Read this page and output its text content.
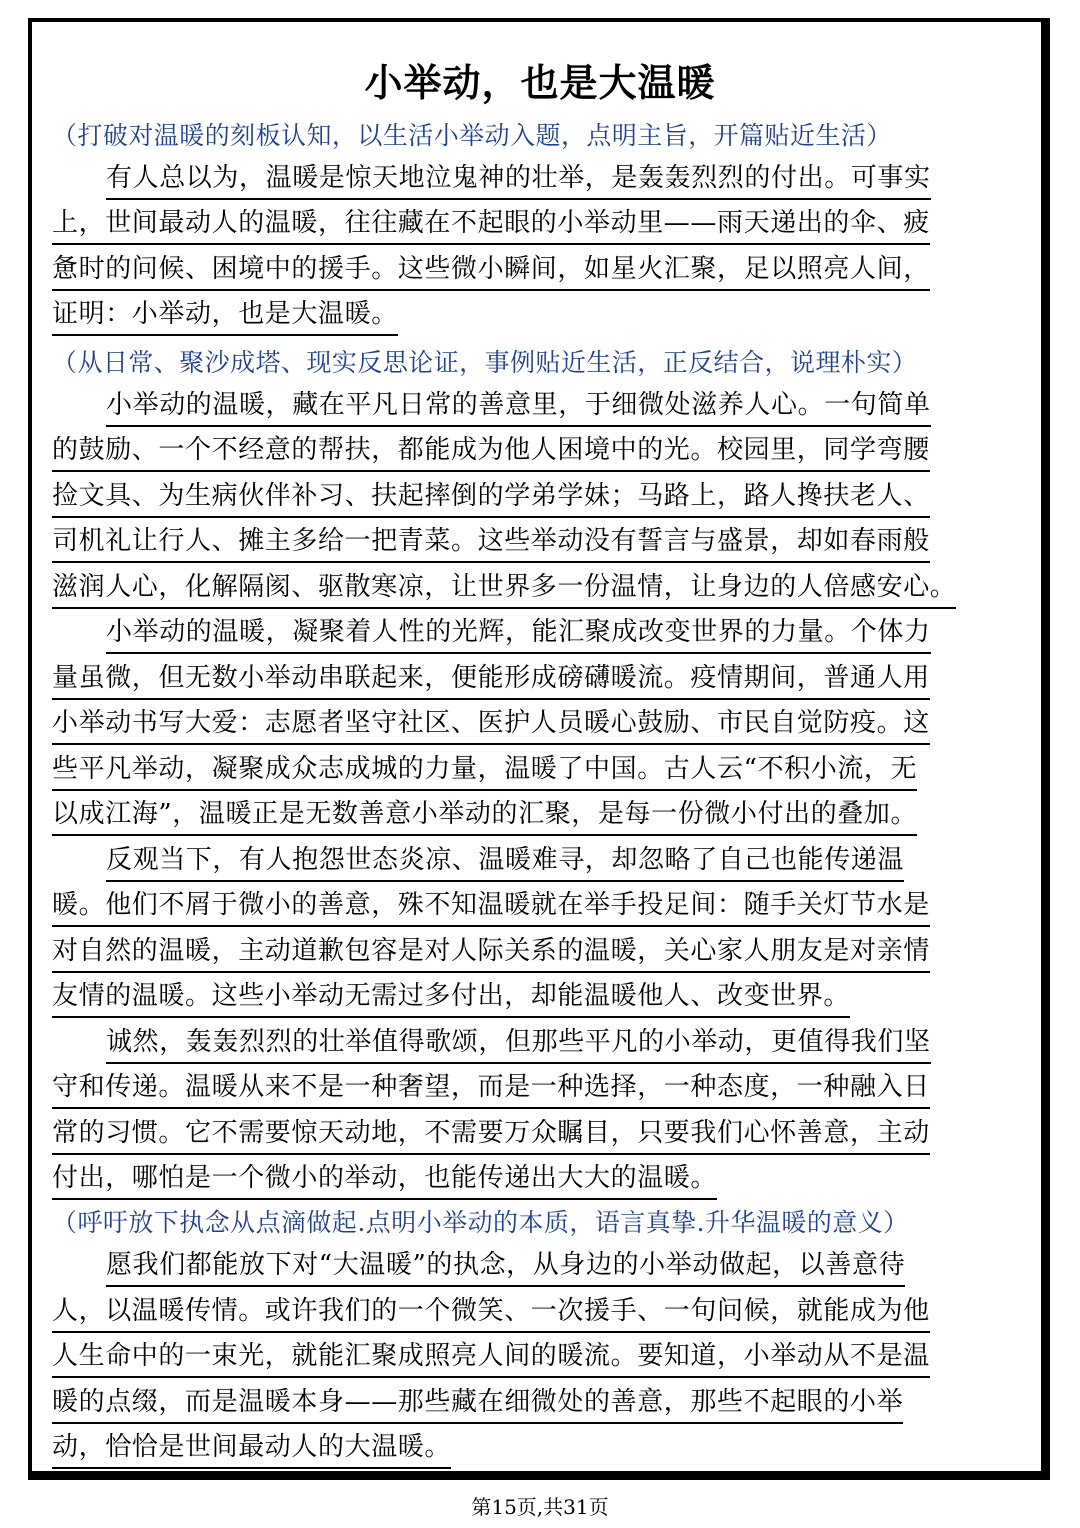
小举动，也是大温暖
（打破对温暖的刻板认知，以生活小举动入题，点明主旨，开篇贴近生活）
有人总以为，温暖是惊天地泣鬼神的壮举，是轰轰烈烈的付出。可事实
上，世间最动人的温暖，往往藏在不起眼的小举动里——雨天递出的伞、疲
惫时的问候、困境中的援手。这些微小瞬间，如星火汇聚，足以照亮人间，
证明：小举动，也是大温暖。
（从日常、聚沙成塔、现实反思论证，事例贴近生活，正反结合，说理朴实）
小举动的温暖，藏在平凡日常的善意里，于细微处滋养人心。一句简单
的鼓励、一个不经意的帮扶，都能成为他人困境中的光。校园里，同学弯腰
捡文具、为生病伙伴补习、扶起摔倒的学弟学妹；马路上，路人搀扶老人、
司机礼让行人、摊主多给一把青菜。这些举动没有誓言与盛景，却如春雨般
滋润人心，化解隔阂、驱散寒凉，让世界多一份温情，让身边的人倍感安心。
小举动的温暖，凝聚着人性的光辉，能汇聚成改变世界的力量。个体力
量虽微，但无数小举动串联起来，便能形成磅礴暖流。疫情期间，普通人用
小举动书写大爱：志愿者坚守社区、医护人员暖心鼓励、市民自觉防疫。这
些平凡举动，凝聚成众志成城的力量，温暖了中国。古人云“不积小流，无
以成江海”，温暖正是无数善意小举动的汇聚，是每一份微小付出的叠加。
反观当下，有人抱怨世态炎凉、温暖难寻，却忽略了自己也能传递温
暖。他们不屑于微小的善意，殊不知温暖就在举手投足间：随手关灯节水是
对自然的温暖，主动道歉包容是对人际关系的温暖，关心家人朋友是对亲情
友情的温暖。这些小举动无需过多付出，却能温暖他人、改变世界。
诚然，轰轰烈烈的壮举值得歌颂，但那些平凡的小举动，更值得我们坚
守和传递。温暖从来不是一种奢望，而是一种选择，一种态度，一种融入日
常的习惯。它不需要惊天动地，不需要万众瞩目，只要我们心怀善意，主动
付出，哪怕是一个微小的举动，也能传递出大大的温暖。
（呼吁放下执念从点滴做起.点明小举动的本质，语言真挚.升华温暖的意义）
愿我们都能放下对“大温暖”的执念，从身边的小举动做起，以善意待
人，以温暖传情。或许我们的一个微笑、一次援手、一句问候，就能成为他
人生命中的一束光，就能汇聚成照亮人间的暖流。要知道，小举动从不是温
暖的点缀，而是温暖本身——那些藏在细微处的善意，那些不起眼的小举
动，恰恰是世间最动人的大温暖。
第15页,共31页
